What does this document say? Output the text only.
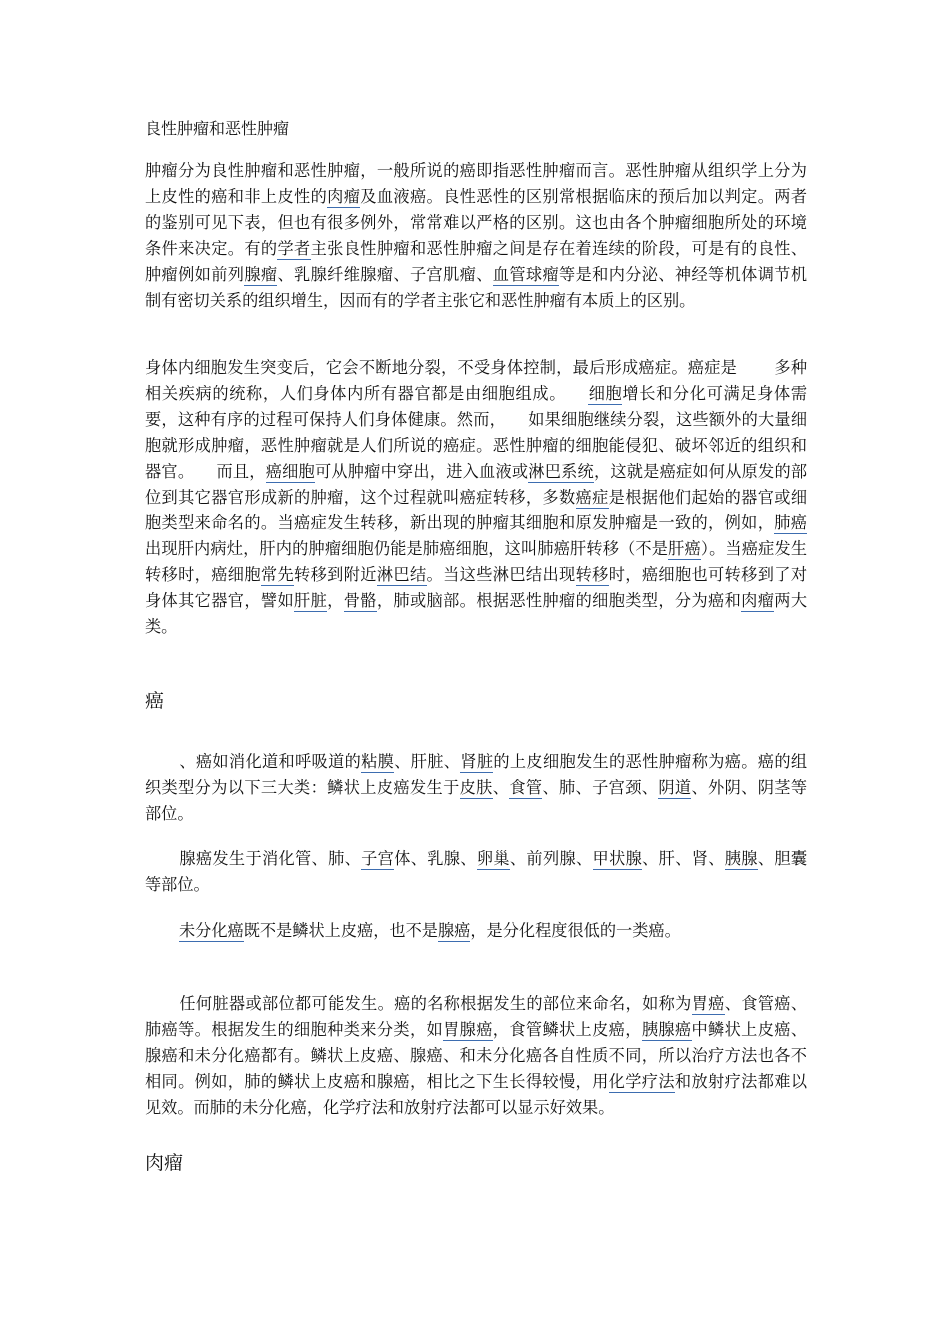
良性肿瘤和恶性肿瘤
肿瘤分为良性肿瘤和恶性肿瘤，一般所说的癌即指恶性肿瘤而言。恶性肿瘤从组织学上分为上皮性的癌和非上皮性的肉瘤及血液癌。良性恶性的区别常根据临床的预后加以判定。两者的鉴别可见下表，但也有很多例外，常常难以严格的区别。这也由各个肿瘤细胞所处的环境条件来决定。有的学者主张良性肿瘤和恶性肿瘤之间是存在着连续的阶段，可是有的良性、肿瘤例如前列腺瘤、乳腺纤维腺瘤、子宫肌瘤、血管球瘤等是和内分泌、神经等机体调节机制有密切关系的组织增生，因而有的学者主张它和恶性肿瘤有本质上的区别。
身体内细胞发生突变后，它会不断地分裂，不受身体控制，最后形成癌症。癌症是 多种相关疾病的统称，人们身体内所有器官都是由细胞组成。 细胞增长和分化可满足身体需要，这种有序的过程可保持人们身体健康。然而， 如果细胞继续分裂，这些额外的大量细胞就形成肿瘤，恶性肿瘤就是人们所说的癌症。恶性肿瘤的细胞能侵犯、破坏邻近的组织和器官。 而且，癌细胞可从肿瘤中穿出，进入血液或淋巴系统，这就是癌症如何从原发的部位到其它器官形成新的肿瘤，这个过程就叫癌症转移，多数癌症是根据他们起始的器官或细胞类型来命名的。当癌症发生转移，新出现的肿瘤其细胞和原发肿瘤是一致的，例如，肺癌出现肝内病灶，肝内的肿瘤细胞仍能是肺癌细胞，这叫肺癌肝转移（不是肝癌）。当癌症发生转移时，癌细胞常先转移到附近淋巴结。当这些淋巴结出现转移时，癌细胞也可转移到了对身体其它器官，譬如肝脏，骨骼，肺或脑部。根据恶性肿瘤的细胞类型，分为癌和肉瘤两大类。
癌
、癌如消化道和呼吸道的粘膜、肝脏、肾脏的上皮细胞发生的恶性肿瘤称为癌。癌的组织类型分为以下三大类：鳞状上皮癌发生于皮肤、食管、肺、子宫颈、阴道、外阴、阴茎等部位。
腺癌发生于消化管、肺、子宫体、乳腺、卵巢、前列腺、甲状腺、肝、肾、胰腺、胆囊等部位。
未分化癌既不是鳞状上皮癌，也不是腺癌，是分化程度很低的一类癌。
任何脏器或部位都可能发生。癌的名称根据发生的部位来命名，如称为胃癌、食管癌、肺癌等。根据发生的细胞种类来分类，如胃腺癌，食管鳞状上皮癌，胰腺癌中鳞状上皮癌、腺癌和未分化癌都有。鳞状上皮癌、腺癌、和未分化癌各自性质不同，所以治疗方法也各不相同。例如，肺的鳞状上皮癌和腺癌，相比之下生长得较慢，用化学疗法和放射疗法都难以见效。而肺的未分化癌，化学疗法和放射疗法都可以显示好效果。
肉瘤
